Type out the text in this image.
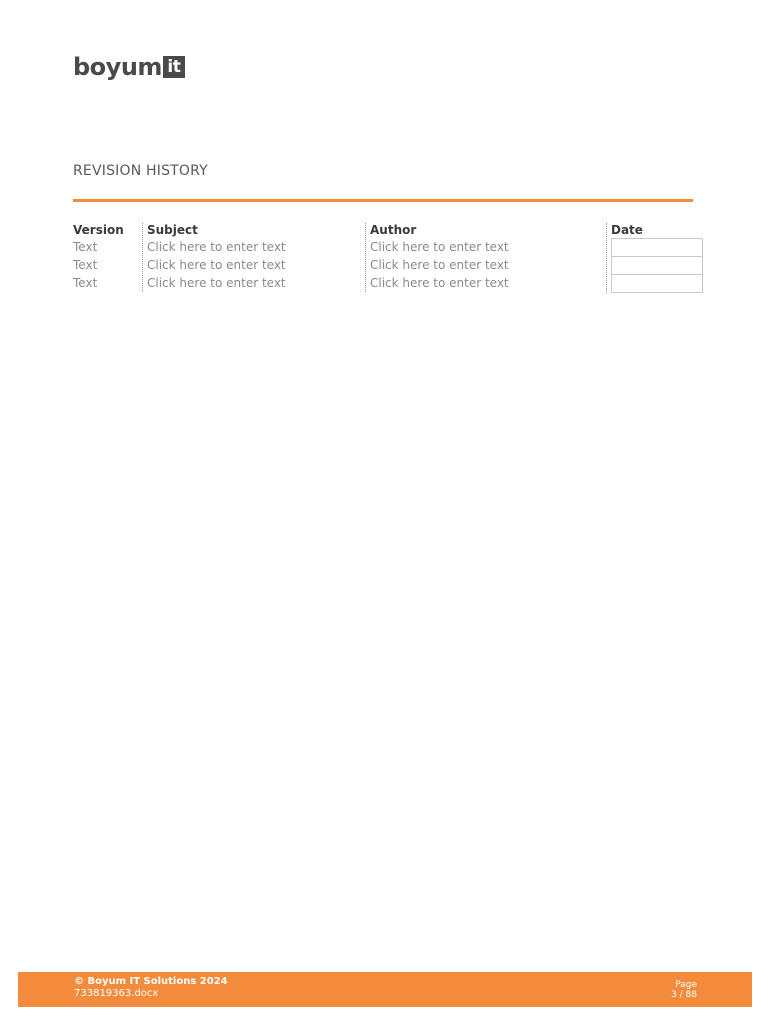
boyum it
REVISION HISTORY
Version
Text
Text
Text
Subject
Click here to enter text
Click here to enter text
Click here to enter text
Author
Click here to enter text
Click here to enter text
Click here to enter text
Date
© Boyum IT Solutions 2024
733819363.docx
Page
3 / 88
